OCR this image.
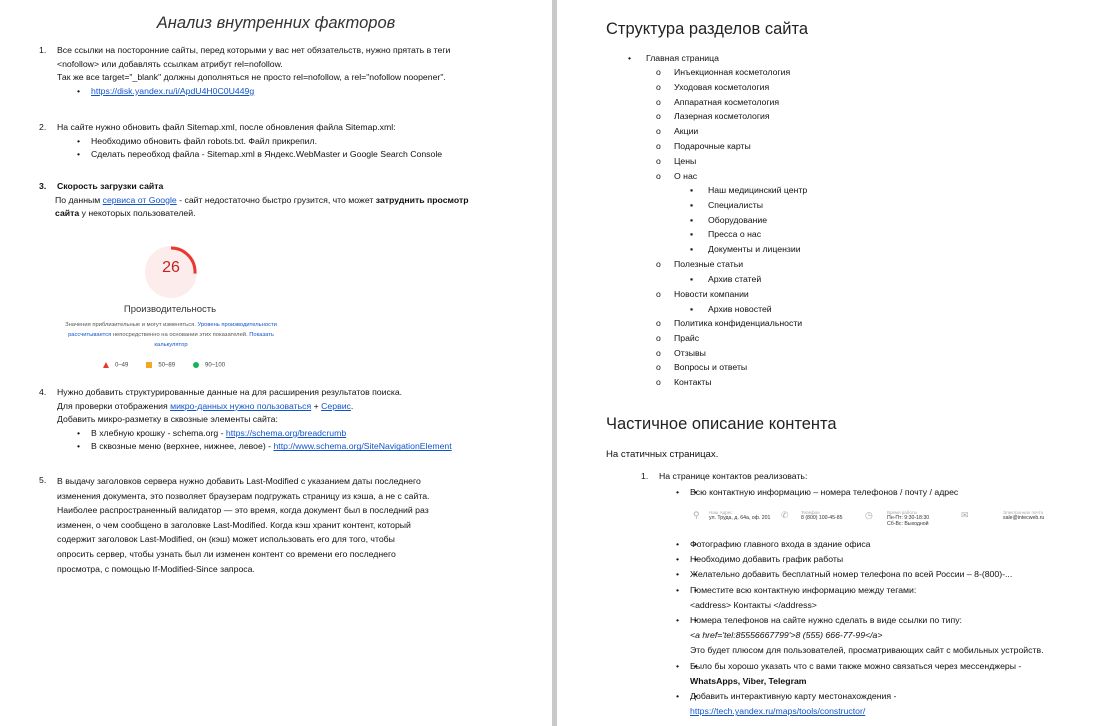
Анализ внутренних факторов
1. Все ссылки на посторонние сайты, перед которыми у вас нет обязательств, нужно прятать в теги
<nofollow> или добавлять ссылкам атрибут rel=nofollow.
Так же все target="_blank" должны дополняться не просто rel=nofollow, а rel="nofollow noopener".
• https://disk.yandex.ru/i/ApdU4H0C0U449g
2. На сайте нужно обновить файл Sitemap.xml, после обновления файла Sitemap.xml:
• Необходимо обновить файл robots.txt. Файл прикрепил.
• Сделать переобход файла - Sitemap.xml в Яндекс.WebMaster и Google Search Console
3. Скорость загрузки сайта
По данным сервиса от Google - сайт недостаточно быстро грузится, что может затруднить просмотр
сайта у некоторых пользователей.
26
Производительность
Значения приблизительные и могут изменяться. Уровень производительности рассчитывается непосредственно на основании этих показателей. Показать калькулятор
0–49	50–89	90–100
4. Нужно добавить структурированные данные на для расширения результатов поиска.
Для проверки отображения микро-данных нужно пользоваться + Сервис.
Добавить микро-разметку в сквозные элементы сайта:
• В хлебную крошку - schema.org - https://schema.org/breadcrumb
• В сквозные меню (верхнее, нижнее, левое) - http://www.schema.org/SiteNavigationElement
5. В выдачу заголовков сервера нужно добавить Last-Modified с указанием даты последнего
изменения документа, это позволяет браузерам подгружать страницу из кэша, а не с сайта.
Наиболее распространенный валидатор — это время, когда документ был в последний раз
изменен, о чем сообщено в заголовке Last-Modified. Когда кэш хранит контент, который
содержит заголовок Last-Modified, он (кэш) может использовать его для того, чтобы
опросить сервер, чтобы узнать был ли изменен контент со времени его последнего
просмотра, с помощью If-Modified-Since запроса.
Структура разделов сайта
• Главная страница
o Инъекционная косметология
o Уходовая косметология
o Аппаратная косметология
o Лазерная косметология
o Акции
o Подарочные карты
o Цены
o О нас
▪ Наш медицинский центр
▪ Специалисты
▪ Оборудование
▪ Пресса о нас
▪ Документы и лицензии
o Полезные статьи
▪ Архив статей
o Новости компании
▪ Архив новостей
o Политика конфиденциальности
o Прайс
o Отзывы
o Вопросы и ответы
o Контакты
Частичное описание контента
На статичных страницах.
1. На странице контактов реализовать:
• • Всю контактную информацию – номера телефонов / почту / адрес
⚲ Наш Адрес
ул. Труда, д. 64а, оф. 201	✆	Телефон
8 (800) 100-45-85	◷	Время работы
Пн-Пт: 9:30-18:30
Сб-Вс: Выходной
✉	Электронная почта
sale@intecweb.ru
• • Фотографию главного входа в здание офиса
• • Необходимо добавить график работы
• • Желательно добавить бесплатный номер телефона по всей России – 8-(800)-...
• • Поместите всю контактную информацию между тегами:
<address> Контакты </address>
• • Номера телефонов на сайте нужно сделать в виде ссылки по типу:
<a href='tel:85556667799'>8 (555) 666-77-99</a>
Это будет плюсом для пользователей, просматривающих сайт с мобильных устройств.
• • Было бы хорошо указать что с вами также можно связаться через мессенджеры -
WhatsApps, Viber, Telegram
• • Добавить интерактивную карту местонахождения -
https://tech.yandex.ru/maps/tools/constructor/
